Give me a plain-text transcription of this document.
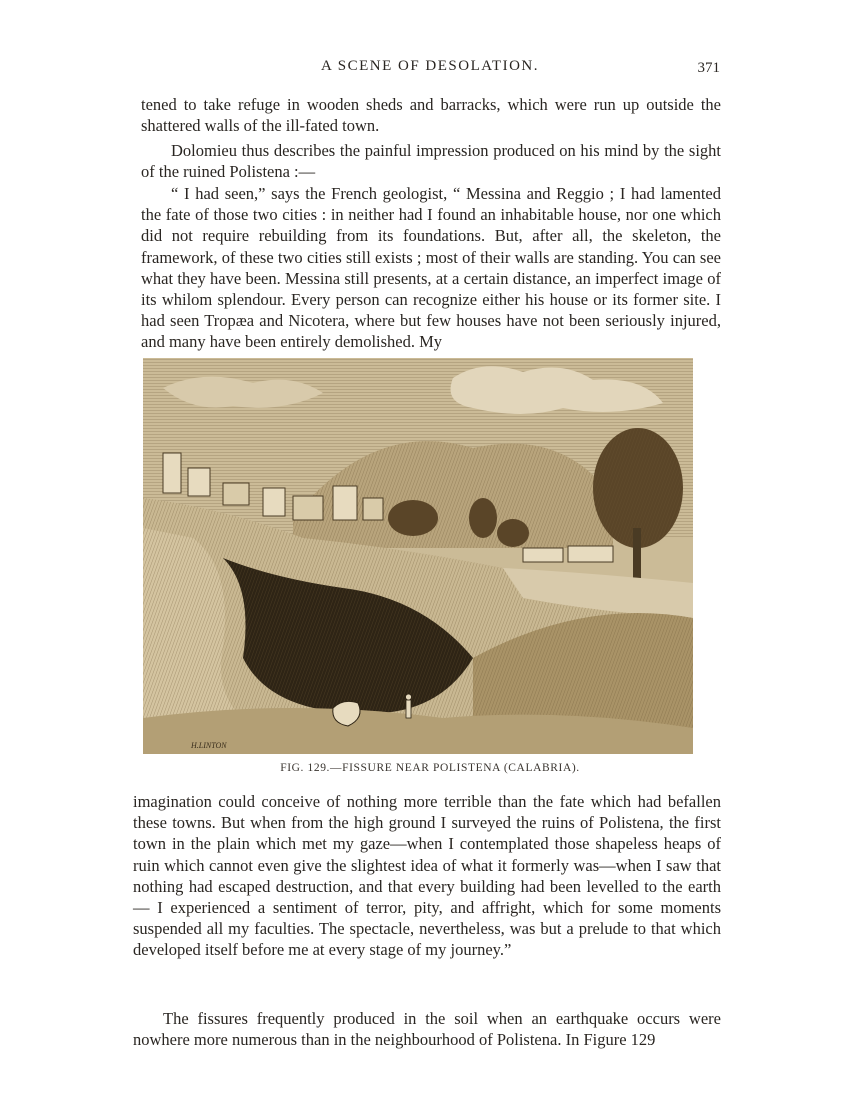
A SCENE OF DESOLATION.	371

tened to take refuge in wooden sheds and barracks, which were run up outside the shattered walls of the ill-fated town.

Dolomieu thus describes the painful impression produced on his mind by the sight of the ruined Polistena :—

“ I had seen,” says the French geologist, “ Messina and Reggio ; I had lamented the fate of those two cities : in neither had I found an inhabitable house, nor one which did not require rebuilding from its foundations. But, after all, the skeleton, the framework, of these two cities still exists ; most of their walls are standing. You can see what they have been. Messina still presents, at a certain distance, an imperfect image of its whilom splendour. Every person can recognize either his house or its former site. I had seen Tropæa and Nicotera, where but few houses have not been seriously injured, and many have been entirely demolished. My

H.LINTON
FIG. 129.—FISSURE NEAR POLISTENA (CALABRIA).

imagination could conceive of nothing more terrible than the fate which had befallen these towns. But when from the high ground I surveyed the ruins of Polistena, the first town in the plain which met my gaze—when I contemplated those shapeless heaps of ruin which cannot even give the slightest idea of what it formerly was—when I saw that nothing had escaped destruction, and that every building had been levelled to the earth — I experienced a sentiment of terror, pity, and affright, which for some moments suspended all my faculties. The spectacle, nevertheless, was but a prelude to that which developed itself before me at every stage of my journey.”

The fissures frequently produced in the soil when an earthquake occurs were nowhere more numerous than in the neighbourhood of Polistena. In Figure 129
